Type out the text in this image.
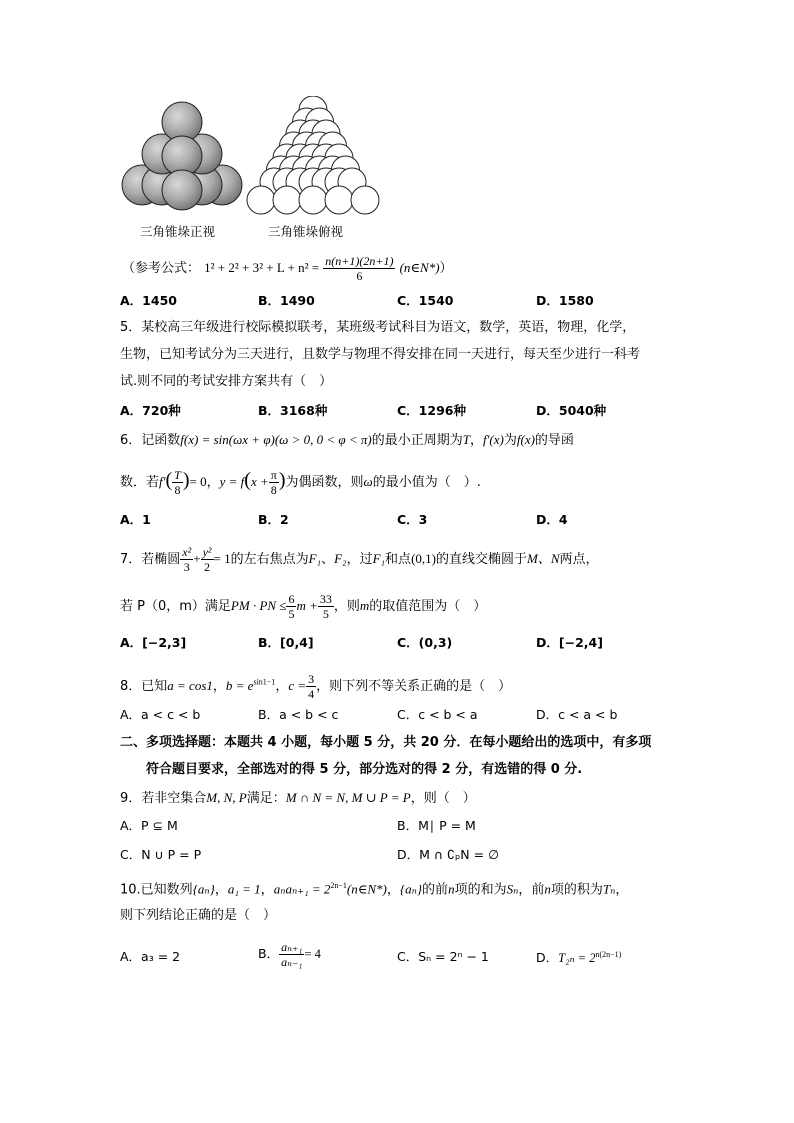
三角锥垛正视	三角锥垛俯视
（参考公式： $1^2 + 2^2 + 3^2 + L + n^2 = \frac{n(n+1)(2n+1)}{6}$ (n∈N*)）
A．1450	B．1490	C．1540	D．1580
5．某校高三年级进行校际模拟联考，某班级考试科目为语文，数学，英语，物理，化学，
生物，已知考试分为三天进行，且数学与物理不得安排在同一天进行，每天至少进行一科考
试.则不同的考试安排方案共有（　）
A．720种	B．3168种	C．1296种	D．5040种
6．记函数f(x) = sin(ωx + φ)(ω > 0, 0 < φ < π)的最小正周期为T，f′(x)为f(x)的导函
数．若$f'( \frac{T}{8}$ )= 0，$y = f(x + \frac{\pi}{8}$ )为偶函数，则ω的最小值为（　）.
A．1	B．2	C．3	D．4
7．若椭圆 $\frac{\text{x²}}{3} + \frac{\text{y²}}{2} = 1$的左右焦点为F₁、F₂，过F₁和点(0,1)的直线交椭圆于M、N两点，
若 P（0，m）满足PM · PN ≤ $\frac{6}{5}$ $m + \frac{33}{5}$ ，则m的取值范围为（　）
A．[−2,3]	B．[0,4]	C．(0,3)	D．[−2,4]
8．已知a = cos1，$b = e^{sin1-1}$，$c = \frac{3}{4}$ ，则下列不等关系正确的是（　）
A．a < c < b	B．a < b < c	C．c < b < a	D．c < a < b
二、多项选择题：本题共 4 小题，每小题 5 分，共 20 分．在每小题给出的选项中，有多项
符合题目要求，全部选对的得 5 分，部分选对的得 2 分，有选错的得 0 分.
9．若非空集合M, N, P满足：M ∩ N = N, M ∪ P = P，则（　）
A．P ⊆ M	B．M∣ P = M
C．N ∪ P = P	D．M ∩ ∁ₚN = ∅
10.已知数列{aₙ}，a₁ = 1，$a_na_{n+1} = 2^{2n-1}(n\in N*)$，{aₙ}的前n项的和为Sₙ，前n项的积为Tₙ，
则下列结论正确的是（　）
A．a₃ = 2	B． $\frac{\text{aₙ₊₁}}{\text{aₙ₋₁}} = 4$	C．Sₙ = 2ⁿ − 1	D．$T_{2n} = 2^{n(2n-1)}$
